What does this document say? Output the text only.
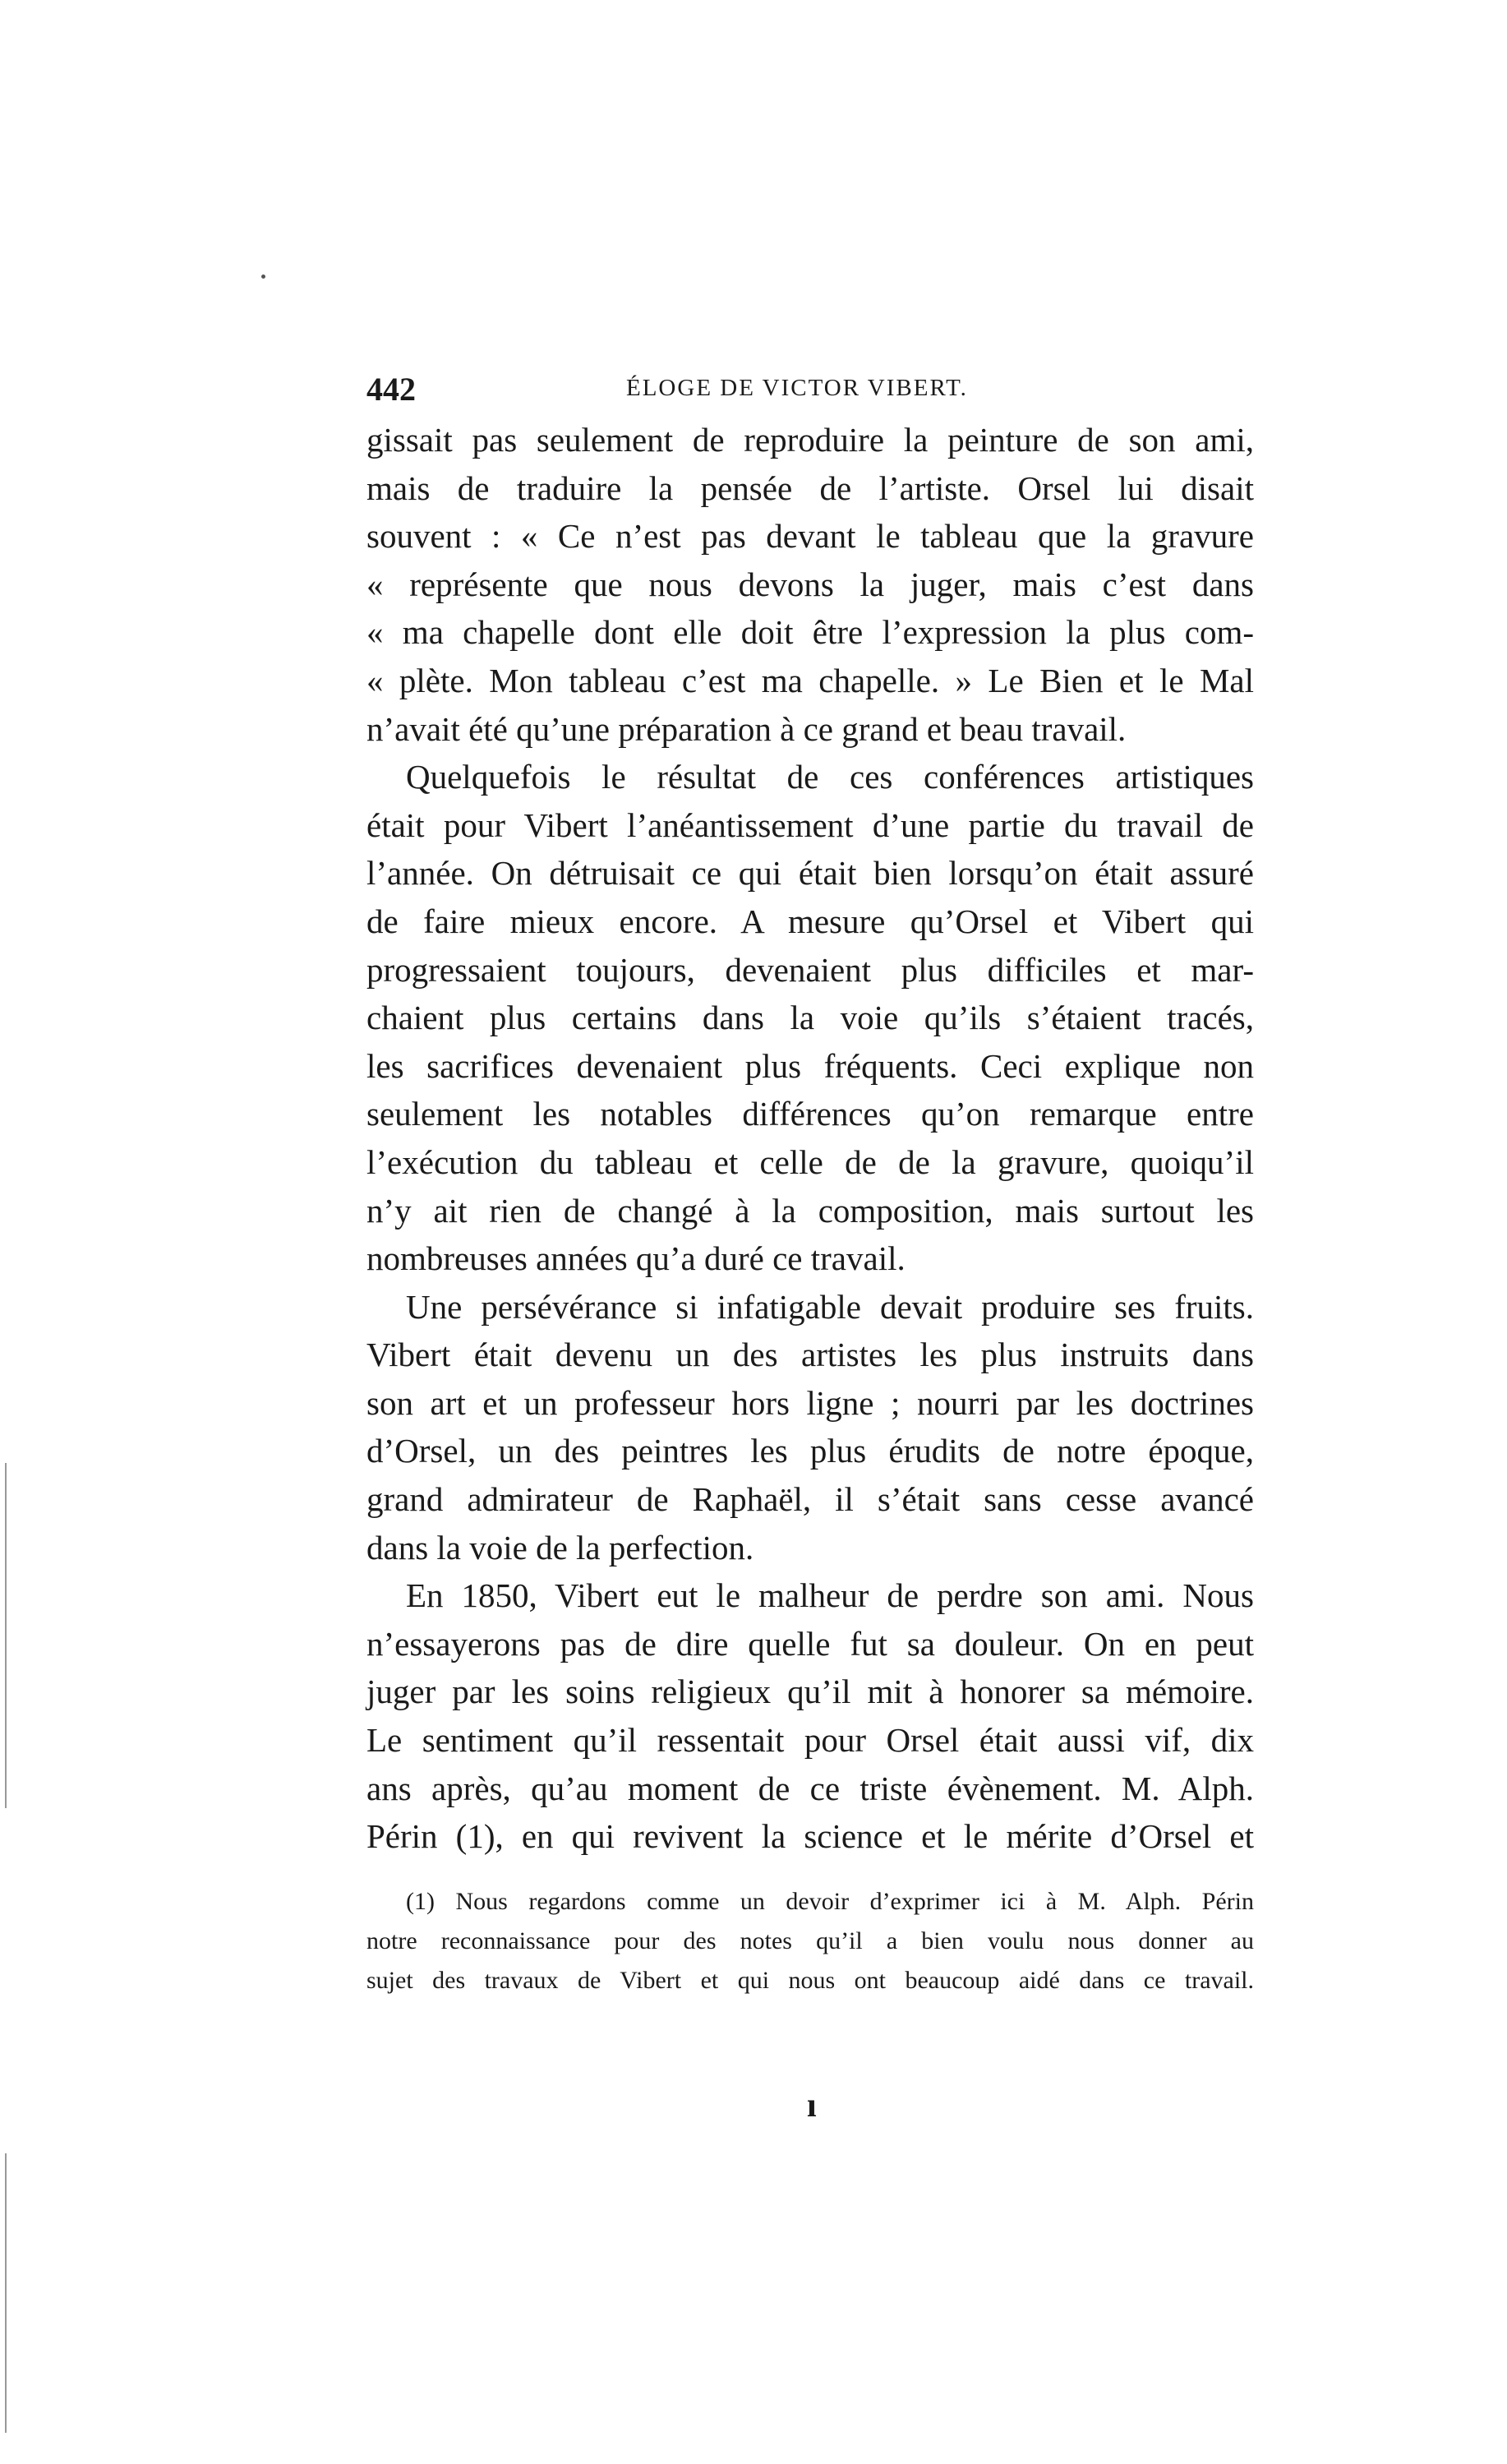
442	ÉLOGE DE VICTOR VIBERT.
gissait pas seulement de reproduire la peinture de son ami,
mais de traduire la pensée de l’artiste. Orsel lui disait
souvent : « Ce n’est pas devant le tableau que la gravure
« représente que nous devons la juger, mais c’est dans
« ma chapelle dont elle doit être l’expression la plus com-
« plète. Mon tableau c’est ma chapelle. » Le Bien et le Mal
n’avait été qu’une préparation à ce grand et beau travail.
Quelquefois le résultat de ces conférences artistiques
était pour Vibert l’anéantissement d’une partie du travail de
l’année. On détruisait ce qui était bien lorsqu’on était assuré
de faire mieux encore. A mesure qu’Orsel et Vibert qui
progressaient toujours, devenaient plus difficiles et mar-
chaient plus certains dans la voie qu’ils s’étaient tracés,
les sacrifices devenaient plus fréquents. Ceci explique non
seulement les notables différences qu’on remarque entre
l’exécution du tableau et celle de de la gravure, quoiqu’il
n’y ait rien de changé à la composition, mais surtout les
nombreuses années qu’a duré ce travail.
Une persévérance si infatigable devait produire ses fruits.
Vibert était devenu un des artistes les plus instruits dans
son art et un professeur hors ligne ; nourri par les doctrines
d’Orsel, un des peintres les plus érudits de notre époque,
grand admirateur de Raphaël, il s’était sans cesse avancé
dans la voie de la perfection.
En 1850, Vibert eut le malheur de perdre son ami. Nous
n’essayerons pas de dire quelle fut sa douleur. On en peut
juger par les soins religieux qu’il mit à honorer sa mémoire.
Le sentiment qu’il ressentait pour Orsel était aussi vif, dix
ans après, qu’au moment de ce triste évènement. M. Alph.
Périn (1), en qui revivent la science et le mérite d’Orsel et
(1) Nous regardons comme un devoir d’exprimer ici à M. Alph. Périn
notre reconnaissance pour des notes qu’il a bien voulu nous donner au
sujet des travaux de Vibert et qui nous ont beaucoup aidé dans ce travail.
ı
